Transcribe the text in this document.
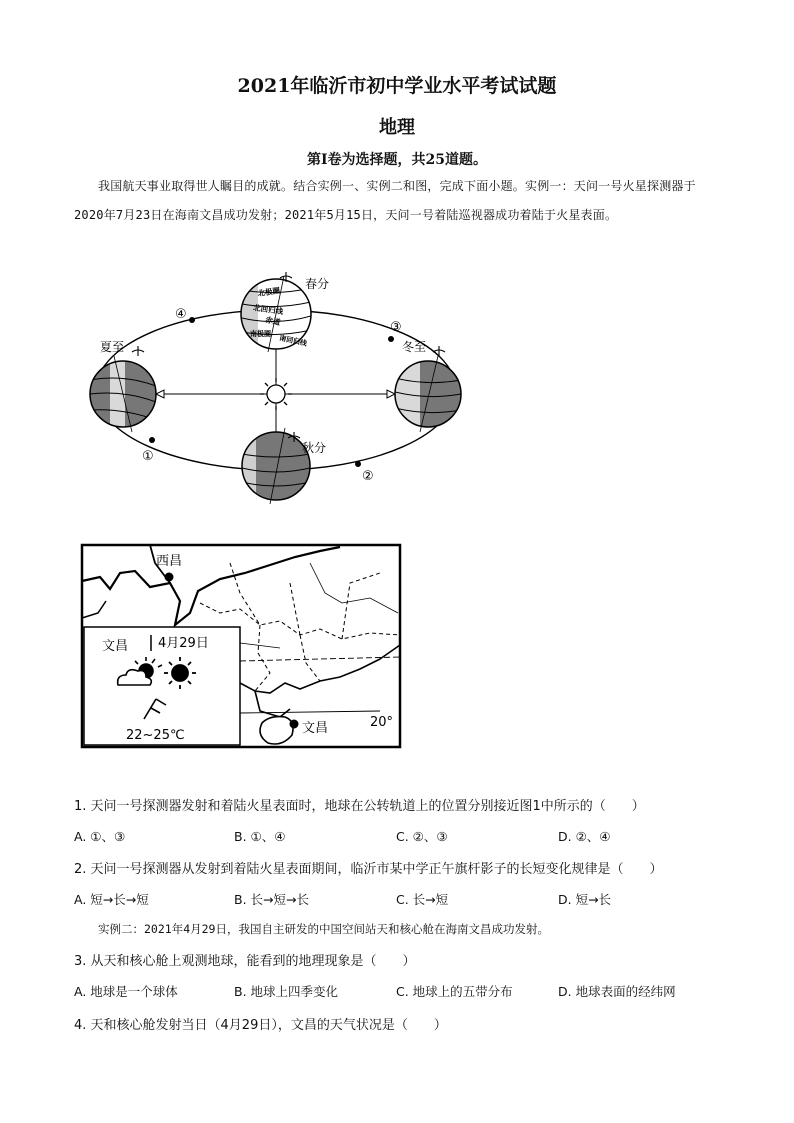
2021年临沂市初中学业水平考试试题
地理
第Ⅰ卷为选择题，共25道题。
我国航天事业取得世人瞩目的成就。结合实例一、实例二和图，完成下面小题。实例一：天问一号火星探测器于2020年7月23日在海南文昌成功发射；2021年5月15日，天问一号着陆巡视器成功着陆于火星表面。
春分
夏至
秋分
冬至
④
③
①
②
北极圈
北回归线
赤道
南极圈
南回归线
西昌
文昌	20°
文昌 4月29日
22~25℃
1. 天问一号探测器发射和着陆火星表面时，地球在公转轨道上的位置分别接近图1中所示的（　　）
A. ①、③	B. ①、④	C. ②、③	D. ②、④
2. 天问一号探测器从发射到着陆火星表面期间，临沂市某中学正午旗杆影子的长短变化规律是（　　）
A. 短→长→短	B. 长→短→长	C. 长→短	D. 短→长
实例二：2021年4月29日，我国自主研发的中国空间站天和核心舱在海南文昌成功发射。
3. 从天和核心舱上观测地球，能看到的地理现象是（　　）
A. 地球是一个球体	B. 地球上四季变化	C. 地球上的五带分布	D. 地球表面的经纬网
4. 天和核心舱发射当日（4月29日），文昌的天气状况是（　　）
